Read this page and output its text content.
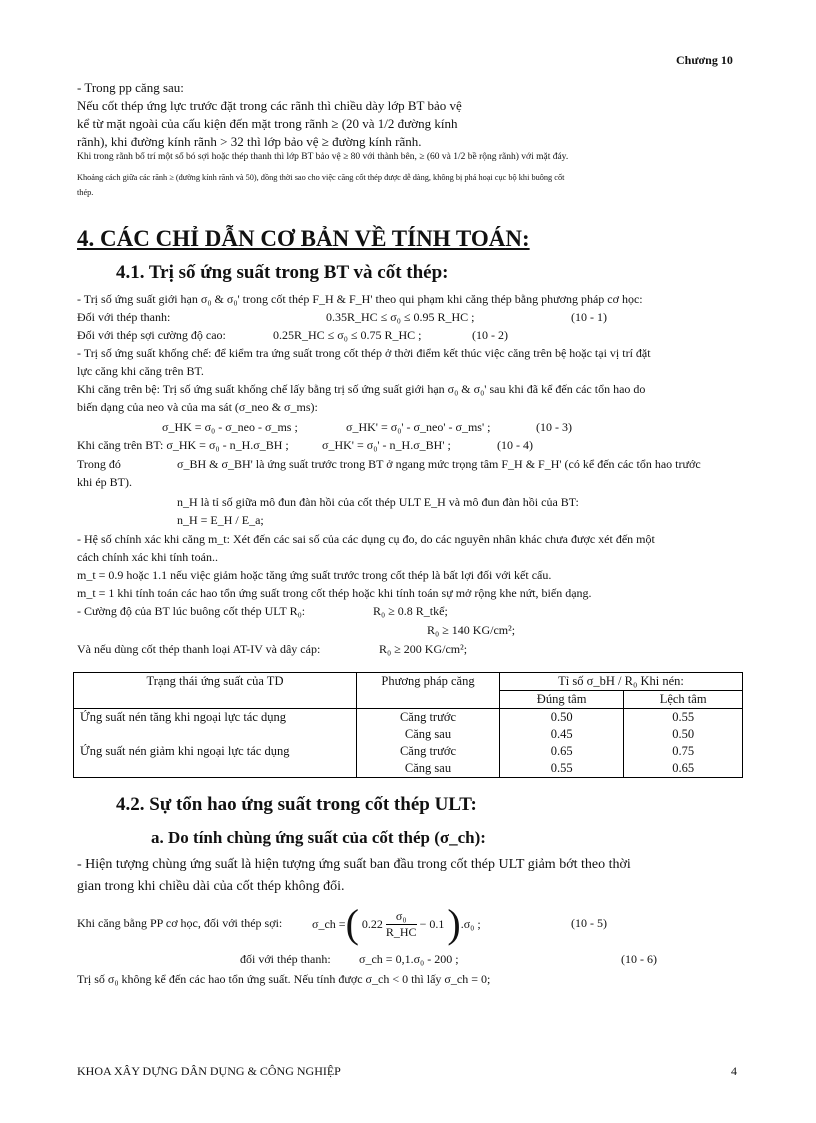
Chương 10
- Trong pp căng sau:
Nếu cốt thép ứng lực trước đặt trong các rãnh thì chiều dày lớp BT bảo vệ
kể từ mặt ngoài của cấu kiện đến mặt trong rãnh ≥ (20 và 1/2 đường kính
rãnh), khi đường kính rãnh > 32 thì lớp bảo vệ ≥ đường kính rãnh.
Khi trong rãnh bố trí một số bó sợi hoặc thép thanh thì lớp BT bảo vệ ≥ 80 với thành bên, ≥ (60 và 1/2 bề rộng rãnh) với mặt đáy.
Khoảng cách giữa các rãnh ≥ (đường kính rãnh và 50), đồng thời sao cho việc căng cốt thép được dễ dàng, không bị phá hoại cục bộ khi buông cốt
thép.
4. CÁC CHỈ DẪN CƠ BẢN VỀ TÍNH TOÁN:
4.1. Trị số ứng suất trong BT và cốt thép:
- Trị số ứng suất giới hạn σ₀ & σ₀' trong cốt thép F_H & F_H' theo qui phạm khi căng thép bằng phương pháp cơ học:
Đối với thép thanh:	0.35R_HC ≤ σ₀ ≤ 0.95 R_HC ;	(10 - 1)
Đối với thép sợi cường độ cao:	0.25R_HC ≤ σ₀ ≤ 0.75 R_HC ;	(10 - 2)
- Trị số ứng suất khống chế: để kiểm tra ứng suất trong cốt thép ở thời điểm kết thúc việc căng trên bệ hoặc tại vị trí đặt
lực căng khi căng trên BT.
Khi căng trên bệ: Trị số ứng suất khống chế lấy bằng trị số ứng suất giới hạn σ₀ & σ₀' sau khi đã kể đến các tổn hao do
biến dạng của neo và của ma sát (σ_neo & σ_ms):
σ_HK = σ₀ - σ_neo - σ_ms ;	σ_HK' = σ₀' - σ_neo' - σ_ms' ;	(10 - 3)
Khi căng trên BT: σ_HK = σ₀ - n_H.σ_BH ;	σ_HK' = σ₀' - n_H.σ_BH' ;	(10 - 4)
Trong đó	σ_BH & σ_BH' là ứng suất trước trong BT ở ngang mức trọng tâm F_H & F_H' (có kể đến các tổn hao trước
khi ép BT).
n_H là tỉ số giữa mô đun đàn hồi của cốt thép ULT E_H và mô đun đàn hồi của BT:
n_H = E_H / E_a;
- Hệ số chính xác khi căng m_t: Xét đến các sai số của các dụng cụ đo, do các nguyên nhân khác chưa được xét đến một
cách chính xác khi tính toán..
m_t = 0.9 hoặc 1.1 nếu việc giảm hoặc tăng ứng suất trước trong cốt thép là bất lợi đối với kết cấu.
m_t = 1 khi tính toán các hao tổn ứng suất trong cốt thép hoặc khi tính toán sự mở rộng khe nứt, biến dạng.
- Cường độ của BT lúc buông cốt thép ULT R₀:	R₀ ≥ 0.8 R_tkể;
R₀ ≥ 140 KG/cm²;
Và nếu dùng cốt thép thanh loại AT-IV và dây cáp:	R₀ ≥ 200 KG/cm²;
Trạng thái ứng suất của TD	Phương pháp căng	Tỉ số σ_bH / R₀ Khi nén:	
		Đúng tâm	Lệch tâm
Ứng suất nén tăng khi ngoại lực tác dụng	Căng trước	0.50	0.55
	Căng sau	0.45	0.50
Ứng suất nén giảm khi ngoại lực tác dụng	Căng trước	0.65	0.75
	Căng sau	0.55	0.65
4.2. Sự tổn hao ứng suất trong cốt thép ULT:
a. Do tính chùng ứng suất của cốt thép (σ_ch):
- Hiện tượng chùng ứng suất là hiện tượng ứng suất ban đầu trong cốt thép ULT giảm bớt theo thời
gian trong khi chiều dài của cốt thép không đổi.
Khi căng bằng PP cơ học, đối với thép sợi: σ_ch = ( $0.22 \frac{\text{σ₀}}{R\_HC} - 0.1$ ) .σ₀ ;	(10 - 5)
đối với thép thanh: σ_ch = 0,1.σ₀ - 200 ;	(10 - 6)
Trị số σ₀ không kể đến các hao tổn ứng suất. Nếu tính được σ_ch < 0 thì lấy σ_ch = 0;
KHOA XÂY DỰNG DÂN DỤNG & CÔNG NGHIỆP	4
